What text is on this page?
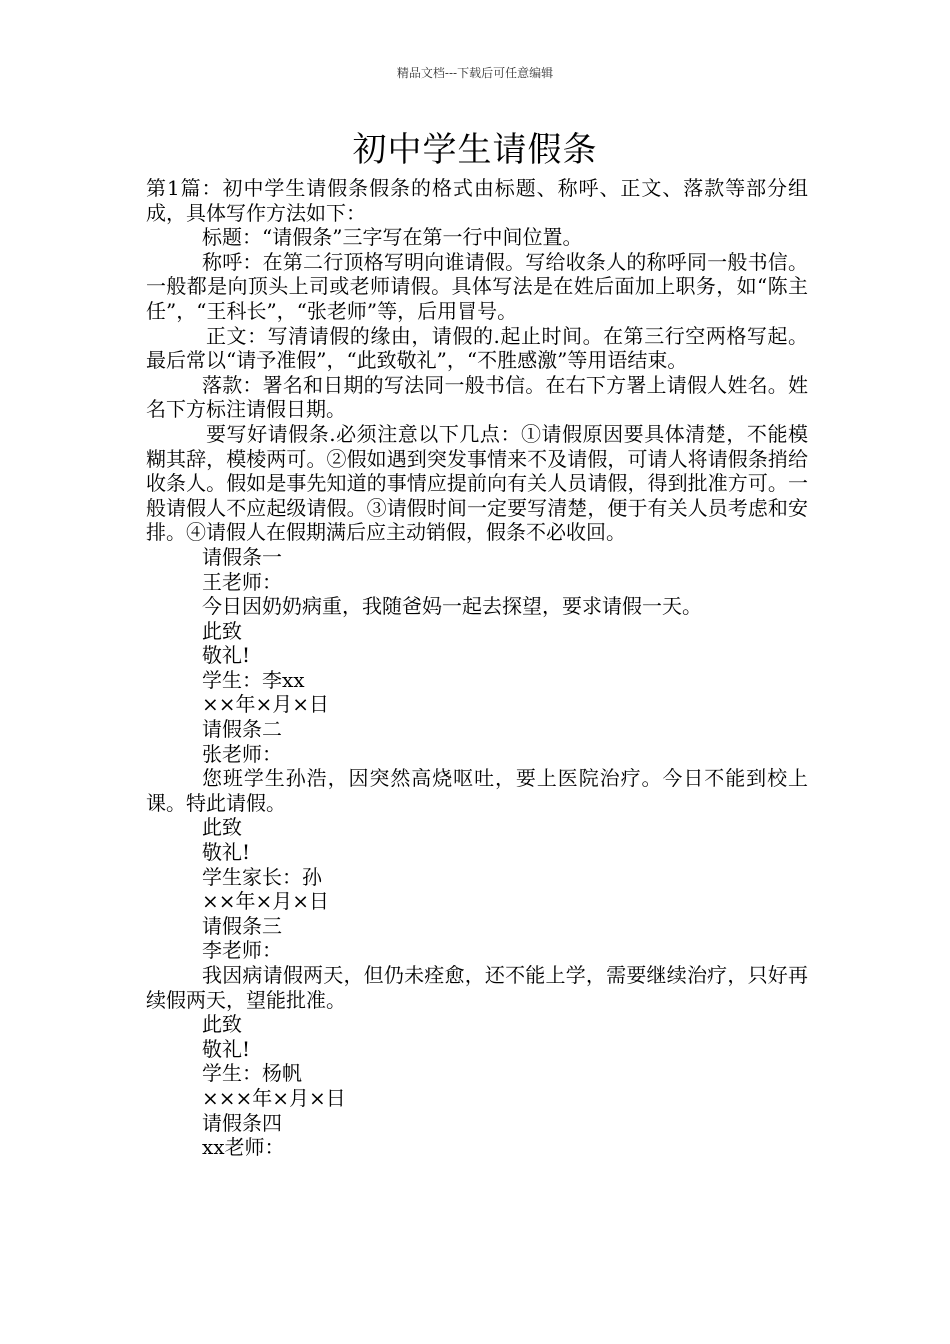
精品文档---下载后可任意编辑
初中学生请假条

第1篇：初中学生请假条假条的格式由标题、称呼、正文、落款等部分组成，具体写作方法如下：

标题：“请假条”三字写在第一行中间位置。

称呼：在第二行顶格写明向谁请假。写给收条人的称呼同一般书信。一般都是向顶头上司或老师请假。具体写法是在姓后面加上职务，如“陈主任”，“王科长”，“张老师”等，后用冒号。

正文：写清请假的缘由，请假的.起止时间。在第三行空两格写起。最后常以“请予准假”，“此致敬礼”，“不胜感激”等用语结束。

落款：署名和日期的写法同一般书信。在右下方署上请假人姓名。姓名下方标注请假日期。

要写好请假条.必须注意以下几点：①请假原因要具体清楚，不能模糊其辞，模棱两可。②假如遇到突发事情来不及请假，可请人将请假条捎给收条人。假如是事先知道的事情应提前向有关人员请假，得到批准方可。一般请假人不应起级请假。③请假时间一定要写清楚，便于有关人员考虑和安排。④请假人在假期满后应主动销假，假条不必收回。

请假条一

王老师：

今日因奶奶病重，我随爸妈一起去探望，要求请假一天。

此致

敬礼!

学生：李xx

××年×月×日

请假条二

张老师：

您班学生孙浩，因突然高烧呕吐，要上医院治疗。今日不能到校上课。特此请假。

此致

敬礼!

学生家长：孙

××年×月×日

请假条三

李老师：

我因病请假两天，但仍未痊愈，还不能上学，需要继续治疗，只好再续假两天，望能批准。

此致

敬礼!

学生：杨帆

×××年×月×日

请假条四

xx老师：
